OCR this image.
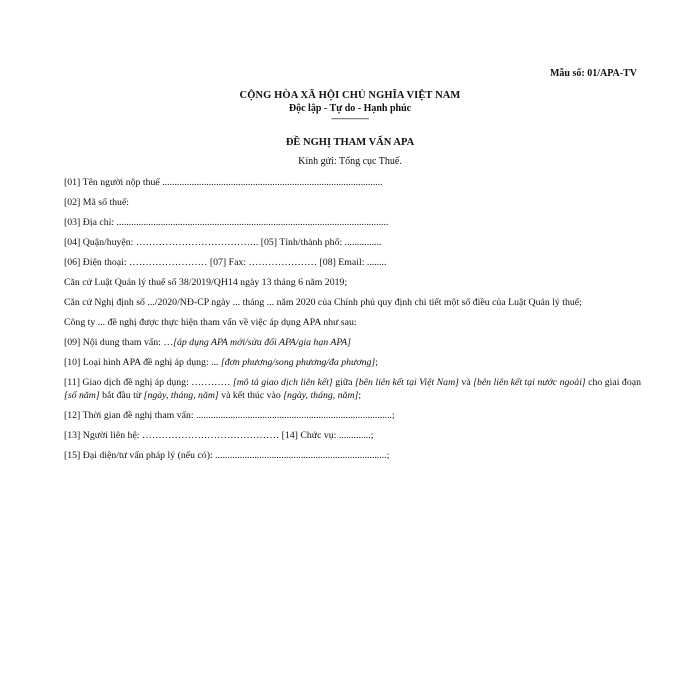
Mẫu số: 01/APA-TV
CỘNG HÒA XÃ HỘI CHỦ NGHĨA VIỆT NAM
Độc lập - Tự do - Hạnh phúc
---------------
ĐỀ NGHỊ THAM VẤN APA
Kính gửi: Tổng cục Thuế.

[01] Tên người nộp thuế ..........................................................................................

[02] Mã số thuế:

[03] Địa chỉ: ...............................................................................................................

[04] Quận/huyện: ……………………………….. [05] Tỉnh/thành phố: ...............

[06] Điện thoại: …………………… [07] Fax: ………………… [08] Email: ........

Căn cứ Luật Quản lý thuế số 38/2019/QH14 ngày 13 tháng 6 năm 2019;

Căn cứ Nghị định số .../2020/NĐ-CP ngày ... tháng ... năm 2020 của Chính phủ quy định chi tiết một số điều của Luật Quản lý thuế;

Công ty ... đề nghị được thực hiện tham vấn về việc áp dụng APA như sau:

[09] Nội dung tham vấn: …[áp dụng APA mới/sửa đổi APA/gia hạn APA]

[10] Loại hình APA đề nghị áp dụng: ... [đơn phương/song phương/đa phương];

[11] Giao dịch đề nghị áp dụng: ………… [mô tả giao dịch liên kết] giữa [bên liên kết tại Việt Nam] và [bên liên kết tại nước ngoài] cho giai đoạn [số năm] bắt đầu từ [ngày, tháng, năm] và kết thúc vào [ngày, tháng, năm];

[12] Thời gian đề nghị tham vấn: ................................................................................;

[13] Người liên hệ: …………………………………… [14] Chức vụ: .............;

[15] Đại diện/tư vấn pháp lý (nếu có): ......................................................................;
